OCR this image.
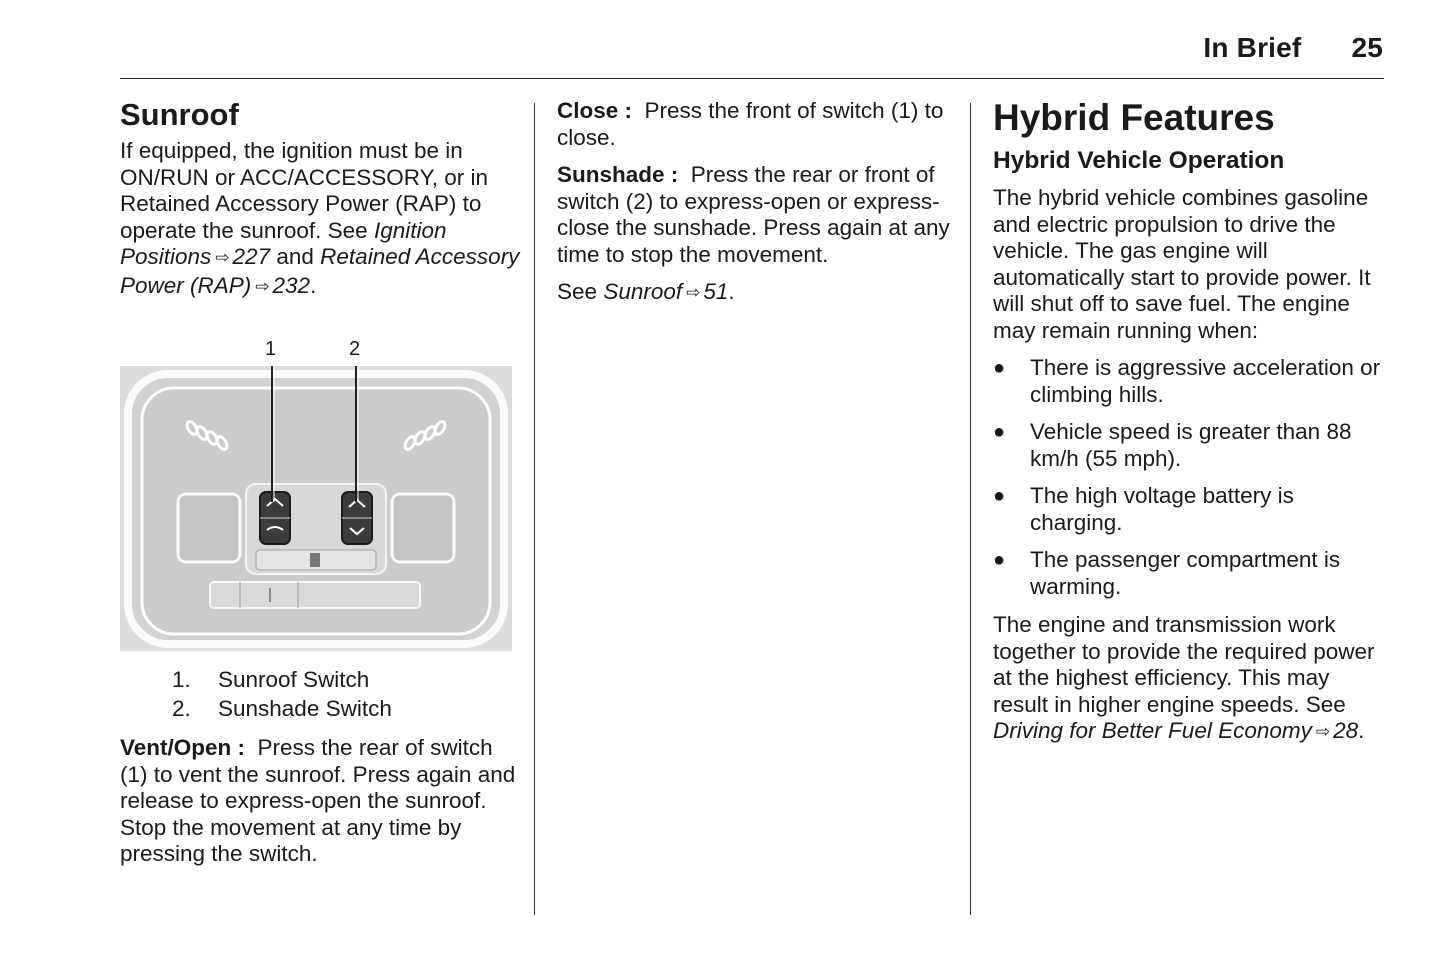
In Brief 25
Sunroof

If equipped, the ignition must be in ON/RUN or ACC/ACCESSORY, or in Retained Accessory Power (RAP) to operate the sunroof. See Ignition Positions ⇨ 227 and Retained Accessory Power (RAP) ⇨ 232.

1	2
1.	Sunroof Switch
2.	Sunshade Switch

Vent/Open : Press the rear of switch (1) to vent the sunroof. Press again and release to express-open the sunroof. Stop the movement at any time by pressing the switch.

Close : Press the front of switch (1) to close.

Sunshade : Press the rear or front of switch (2) to express-open or express-close the sunshade. Press again at any time to stop the movement.

See Sunroof ⇨ 51.

Hybrid Features
Hybrid Vehicle Operation

The hybrid vehicle combines gasoline and electric propulsion to drive the vehicle. The gas engine will automatically start to provide power. It will shut off to save fuel. The engine may remain running when:

●	There is aggressive acceleration or climbing hills.
●	Vehicle speed is greater than 88 km/h (55 mph).
●	The high voltage battery is charging.
●	The passenger compartment is warming.

The engine and transmission work together to provide the required power at the highest efficiency. This may result in higher engine speeds. See Driving for Better Fuel Economy ⇨ 28.
